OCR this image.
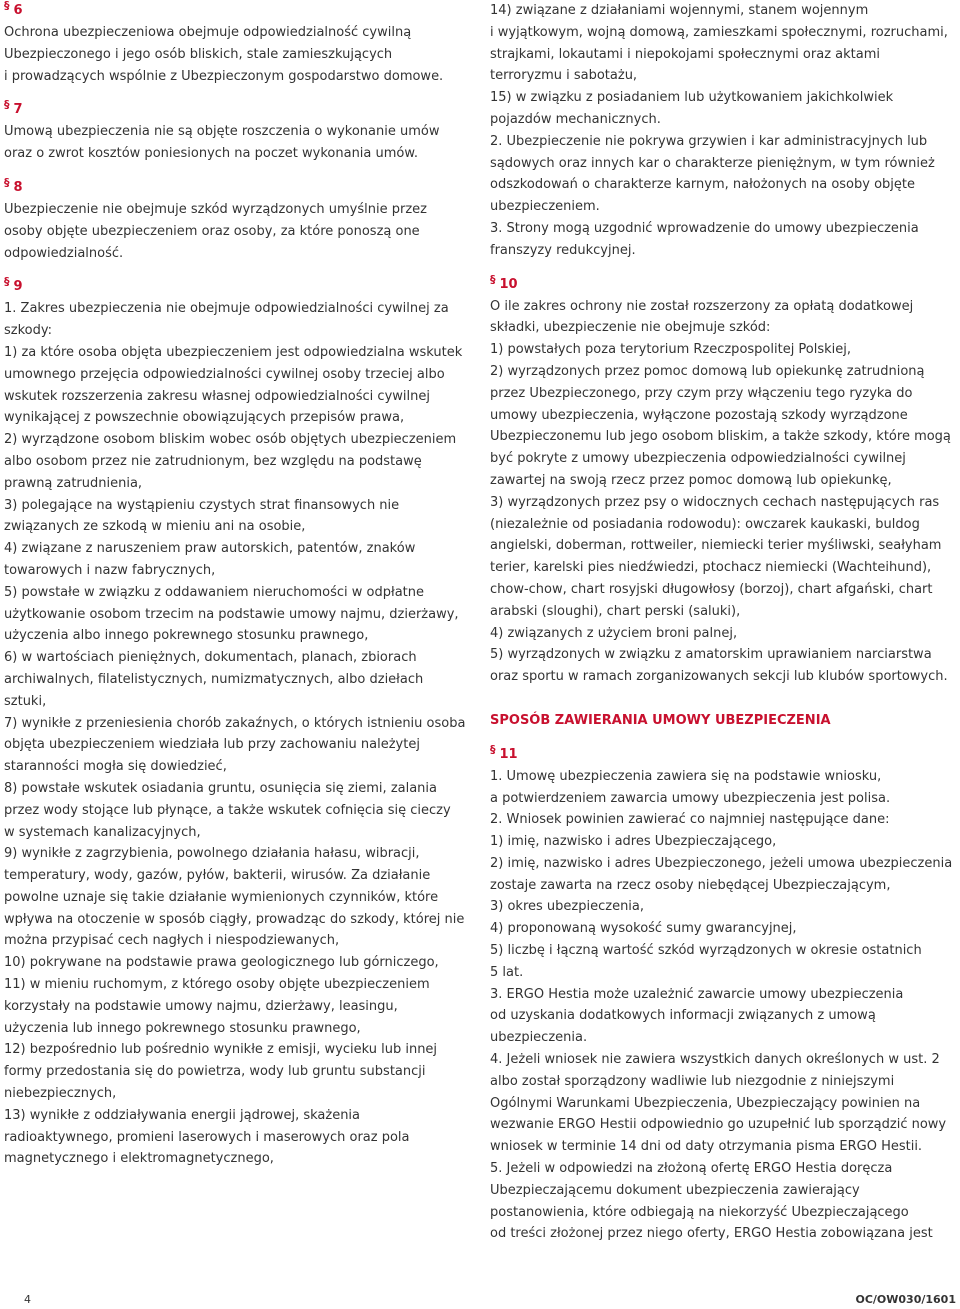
§ 6
Ochrona ubezpieczeniowa obejmuje odpowiedzialność cywilną
Ubezpieczonego i jego osób bliskich, stale zamieszkujących
i prowadzących wspólnie z Ubezpieczonym gospodarstwo domowe.
§ 7
Umową ubezpieczenia nie są objęte roszczenia o wykonanie umów
oraz o zwrot kosztów poniesionych na poczet wykonania umów.
§ 8
Ubezpieczenie nie obejmuje szkód wyrządzonych umyślnie przez
osoby objęte ubezpieczeniem oraz osoby, za które ponoszą one
odpowiedzialność.
§ 9
1. Zakres ubezpieczenia nie obejmuje odpowiedzialności cywilnej za
szkody:
1) za które osoba objęta ubezpieczeniem jest odpowiedzialna wskutek
umownego przejęcia odpowiedzialności cywilnej osoby trzeciej albo
wskutek rozszerzenia zakresu własnej odpowiedzialności cywilnej
wynikającej z powszechnie obowiązujących przepisów prawa,
2) wyrządzone osobom bliskim wobec osób objętych ubezpieczeniem
albo osobom przez nie zatrudnionym, bez względu na podstawę
prawną zatrudnienia,
3) polegające na wystąpieniu czystych strat finansowych nie
związanych ze szkodą w mieniu ani na osobie,
4) związane z naruszeniem praw autorskich, patentów, znaków
towarowych i nazw fabrycznych,
5) powstałe w związku z oddawaniem nieruchomości w odpłatne
użytkowanie osobom trzecim na podstawie umowy najmu, dzierżawy,
użyczenia albo innego pokrewnego stosunku prawnego,
6) w wartościach pieniężnych, dokumentach, planach, zbiorach
archiwalnych, filatelistycznych, numizmatycznych, albo dziełach
sztuki,
7) wynikłe z przeniesienia chorób zakaźnych, o których istnieniu osoba
objęta ubezpieczeniem wiedziała lub przy zachowaniu należytej
staranności mogła się dowiedzieć,
8) powstałe wskutek osiadania gruntu, osunięcia się ziemi, zalania
przez wody stojące lub płynące, a także wskutek cofnięcia się cieczy
w systemach kanalizacyjnych,
9) wynikłe z zagrzybienia, powolnego działania hałasu, wibracji,
temperatury, wody, gazów, pyłów, bakterii, wirusów. Za działanie
powolne uznaje się takie działanie wymienionych czynników, które
wpływa na otoczenie w sposób ciągły, prowadząc do szkody, której nie
można przypisać cech nagłych i niespodziewanych,
10) pokrywane na podstawie prawa geologicznego lub górniczego,
11) w mieniu ruchomym, z którego osoby objęte ubezpieczeniem
korzystały na podstawie umowy najmu, dzierżawy, leasingu,
użyczenia lub innego pokrewnego stosunku prawnego,
12) bezpośrednio lub pośrednio wynikłe z emisji, wycieku lub innej
formy przedostania się do powietrza, wody lub gruntu substancji
niebezpiecznych,
13) wynikłe z oddziaływania energii jądrowej, skażenia
radioaktywnego, promieni laserowych i maserowych oraz pola
magnetycznego i elektromagnetycznego,
14) związane z działaniami wojennymi, stanem wojennym
i wyjątkowym, wojną domową, zamieszkami społecznymi, rozruchami,
strajkami, lokautami i niepokojami społecznymi oraz aktami
terroryzmu i sabotażu,
15) w związku z posiadaniem lub użytkowaniem jakichkolwiek
pojazdów mechanicznych.
2. Ubezpieczenie nie pokrywa grzywien i kar administracyjnych lub
sądowych oraz innych kar o charakterze pieniężnym, w tym również
odszkodowań o charakterze karnym, nałożonych na osoby objęte
ubezpieczeniem.
3. Strony mogą uzgodnić wprowadzenie do umowy ubezpieczenia
franszyzy redukcyjnej.
§ 10
O ile zakres ochrony nie został rozszerzony za opłatą dodatkowej
składki, ubezpieczenie nie obejmuje szkód:
1) powstałych poza terytorium Rzeczpospolitej Polskiej,
2) wyrządzonych przez pomoc domową lub opiekunkę zatrudnioną
przez Ubezpieczonego, przy czym przy włączeniu tego ryzyka do
umowy ubezpieczenia, wyłączone pozostają szkody wyrządzone
Ubezpieczonemu lub jego osobom bliskim, a także szkody, które mogą
być pokryte z umowy ubezpieczenia odpowiedzialności cywilnej
zawartej na swoją rzecz przez pomoc domową lub opiekunkę,
3) wyrządzonych przez psy o widocznych cechach następujących ras
(niezależnie od posiadania rodowodu): owczarek kaukaski, buldog
angielski, doberman, rottweiler, niemiecki terier myśliwski, seałyham
terier, karelski pies niedźwiedzi, ptochacz niemiecki (Wachteihund),
chow-chow, chart rosyjski długowłosy (borzoj), chart afgański, chart
arabski (sloughi), chart perski (saluki),
4) związanych z użyciem broni palnej,
5) wyrządzonych w związku z amatorskim uprawianiem narciarstwa
oraz sportu w ramach zorganizowanych sekcji lub klubów sportowych.
SPOSÓB ZAWIERANIA UMOWY UBEZPIECZENIA
§ 11
1. Umowę ubezpieczenia zawiera się na podstawie wniosku,
a potwierdzeniem zawarcia umowy ubezpieczenia jest polisa.
2. Wniosek powinien zawierać co najmniej następujące dane:
1) imię, nazwisko i adres Ubezpieczającego,
2) imię, nazwisko i adres Ubezpieczonego, jeżeli umowa ubezpieczenia
zostaje zawarta na rzecz osoby niebędącej Ubezpieczającym,
3) okres ubezpieczenia,
4) proponowaną wysokość sumy gwarancyjnej,
5) liczbę i łączną wartość szkód wyrządzonych w okresie ostatnich
5 lat.
3. ERGO Hestia może uzależnić zawarcie umowy ubezpieczenia
od uzyskania dodatkowych informacji związanych z umową
ubezpieczenia.
4. Jeżeli wniosek nie zawiera wszystkich danych określonych w ust. 2
albo został sporządzony wadliwie lub niezgodnie z niniejszymi
Ogólnymi Warunkami Ubezpieczenia, Ubezpieczający powinien na
wezwanie ERGO Hestii odpowiednio go uzupełnić lub sporządzić nowy
wniosek w terminie 14 dni od daty otrzymania pisma ERGO Hestii.
5. Jeżeli w odpowiedzi na złożoną ofertę ERGO Hestia doręcza
Ubezpieczającemu dokument ubezpieczenia zawierający
postanowienia, które odbiegają na niekorzyść Ubezpieczającego
od treści złożonej przez niego oferty, ERGO Hestia zobowiązana jest
4	OC/OW030/1601
